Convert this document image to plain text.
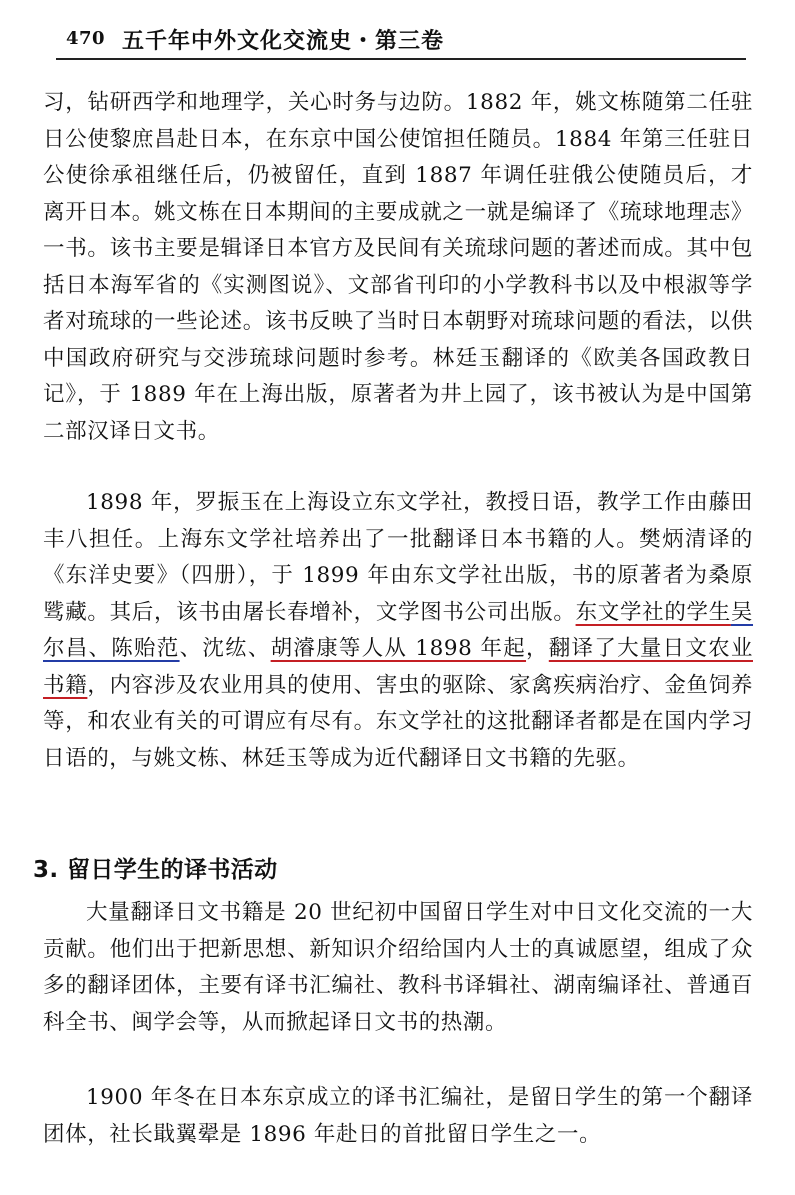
470 五千年中外文化交流史・第三卷

习，钻研西学和地理学，关心时务与边防。1882 年，姚文栋随第二任驻日公使黎庶昌赴日本，在东京中国公使馆担任随员。1884 年第三任驻日公使徐承祖继任后，仍被留任，直到 1887 年调任驻俄公使随员后，才离开日本。姚文栋在日本期间的主要成就之一就是编译了《琉球地理志》一书。该书主要是辑译日本官方及民间有关琉球问题的著述而成。其中包括日本海军省的《实测图说》、文部省刊印的小学教科书以及中根淑等学者对琉球的一些论述。该书反映了当时日本朝野对琉球问题的看法，以供中国政府研究与交涉琉球问题时参考。林廷玉翻译的《欧美各国政教日记》，于 1889 年在上海出版，原著者为井上园了，该书被认为是中国第二部汉译日文书。

1898 年，罗振玉在上海设立东文学社，教授日语，教学工作由藤田丰八担任。上海东文学社培养出了一批翻译日本书籍的人。樊炳清译的《东洋史要》（四册），于 1899 年由东文学社出版，书的原著者为桑原骘藏。其后，该书由屠长春增补，文学图书公司出版。东文学社的学生吴尔昌、陈贻范、沈纮、胡濬康等人从 1898 年起，翻译了大量日文农业书籍，内容涉及农业用具的使用、害虫的驱除、家禽疾病治疗、金鱼饲养等，和农业有关的可谓应有尽有。东文学社的这批翻译者都是在国内学习日语的，与姚文栋、林廷玉等成为近代翻译日文书籍的先驱。

3. 留日学生的译书活动

大量翻译日文书籍是 20 世纪初中国留日学生对中日文化交流的一大贡献。他们出于把新思想、新知识介绍给国内人士的真诚愿望，组成了众多的翻译团体，主要有译书汇编社、教科书译辑社、湖南编译社、普通百科全书、闽学会等，从而掀起译日文书的热潮。

1900 年冬在日本东京成立的译书汇编社，是留日学生的第一个翻译团体，社长戢翼翚是 1896 年赴日的首批留日学生之一。
